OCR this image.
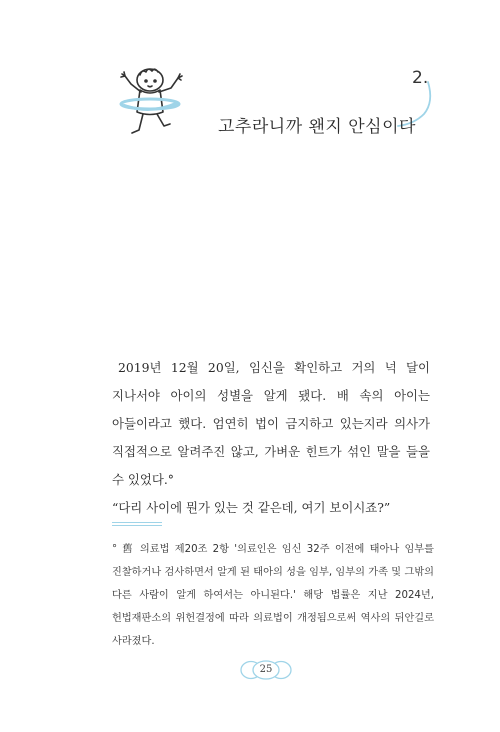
2.
고추라니까 왠지 안심이다

2019년 12월 20일, 임신을 확인하고 거의 넉 달이 지나서야 아이의 성별을 알게 됐다. 배 속의 아이는 아들이라고 했다. 엄연히 법이 금지하고 있는지라 의사가 직접적으로 알려주진 않고, 가벼운 힌트가 섞인 말을 들을 수 있었다.°

“다리 사이에 뭔가 있는 것 같은데, 여기 보이시죠?”

° 舊 의료법 제20조 2항 '의료인은 임신 32주 이전에 태아나 임부를 진찰하거나 검사하면서 알게 된 태아의 성을 임부, 임부의 가족 및 그밖의 다른 사람이 알게 하여서는 아니된다.' 해당 법률은 지난 2024년, 헌법재판소의 위헌결정에 따라 의료법이 개정됨으로써 역사의 뒤안길로 사라졌다.

25
